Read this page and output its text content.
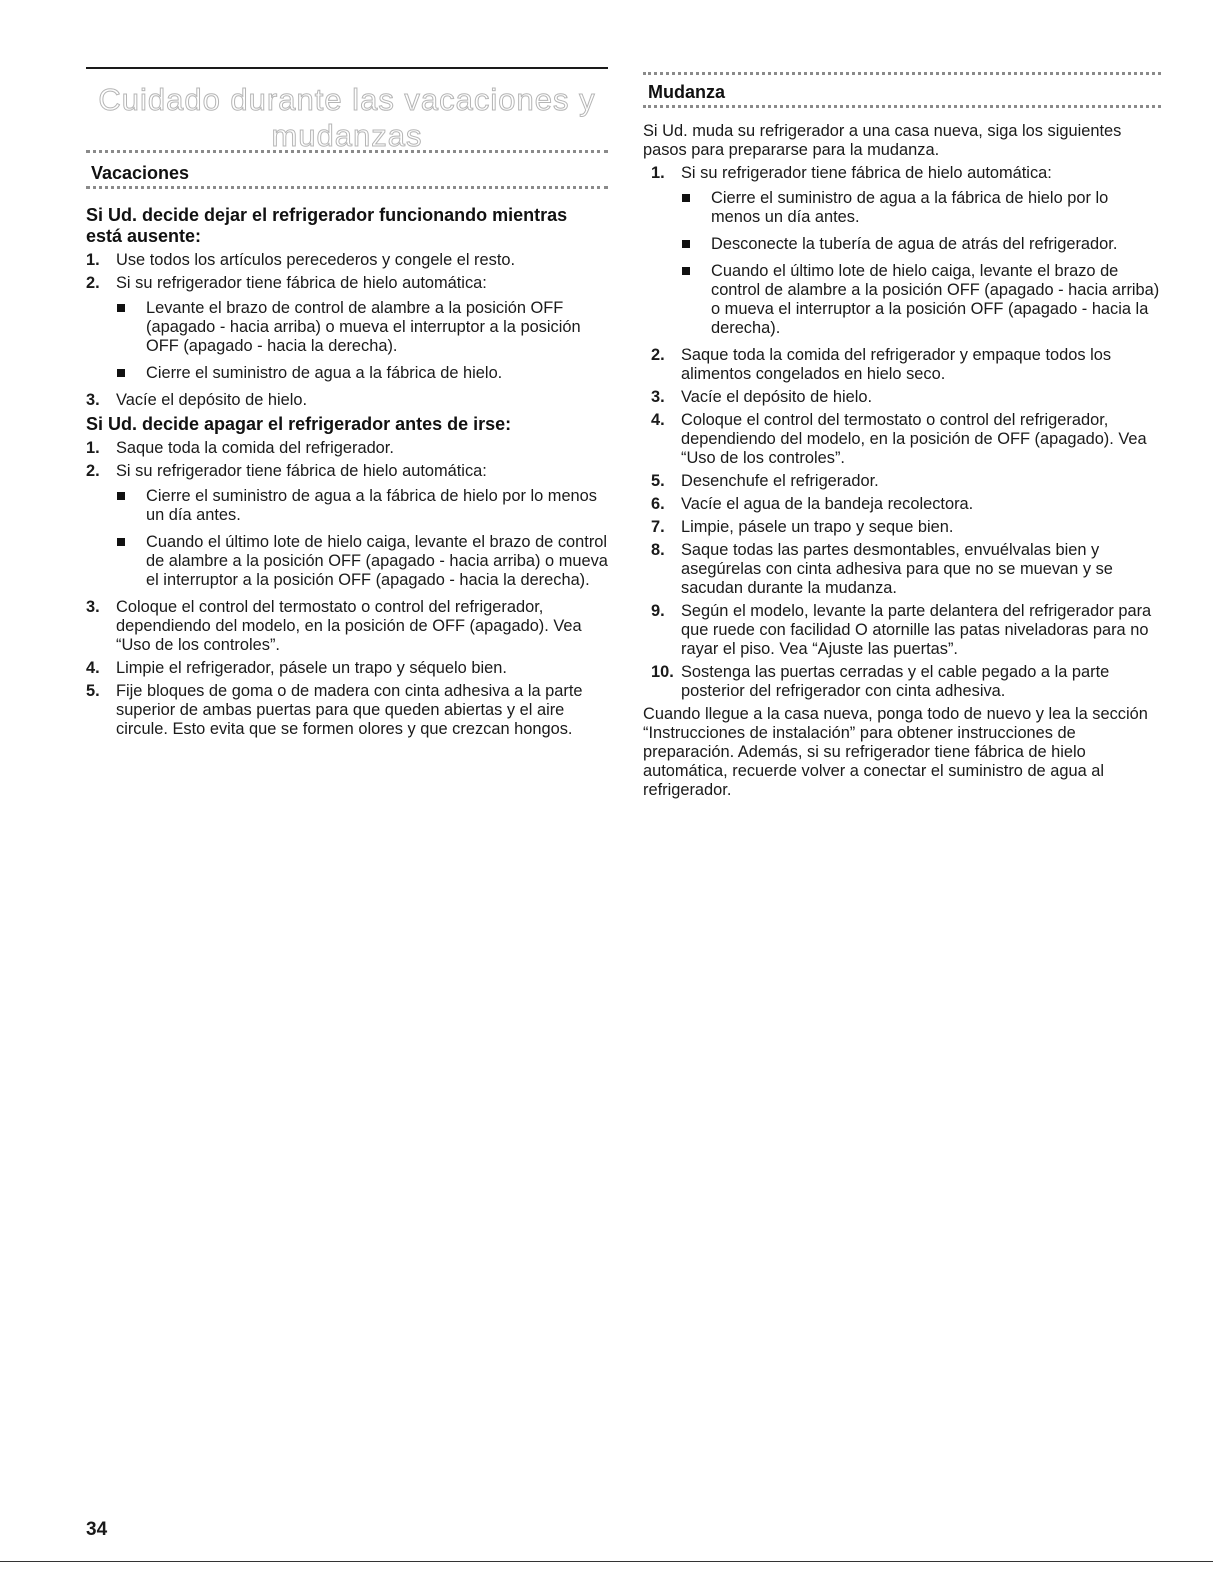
Cuidado durante las vacaciones y mudanzas
Vacaciones

Si Ud. decide dejar el refrigerador funcionando mientras está ausente:

1. Use todos los artículos perecederos y congele el resto.
2. Si su refrigerador tiene fábrica de hielo automática:
Levante el brazo de control de alambre a la posición OFF (apagado - hacia arriba) o mueva el interruptor a la posición OFF (apagado - hacia la derecha).
Cierre el suministro de agua a la fábrica de hielo.
3. Vacíe el depósito de hielo.

Si Ud. decide apagar el refrigerador antes de irse:

1. Saque toda la comida del refrigerador.
2. Si su refrigerador tiene fábrica de hielo automática:
Cierre el suministro de agua a la fábrica de hielo por lo menos un día antes.
Cuando el último lote de hielo caiga, levante el brazo de control de alambre a la posición OFF (apagado - hacia arriba) o mueva el interruptor a la posición OFF (apagado - hacia la derecha).
3. Coloque el control del termostato o control del refrigerador, dependiendo del modelo, en la posición de OFF (apagado). Vea “Uso de los controles”.
4. Limpie el refrigerador, pásele un trapo y séquelo bien.
5. Fije bloques de goma o de madera con cinta adhesiva a la parte superior de ambas puertas para que queden abiertas y el aire circule. Esto evita que se formen olores y que crezcan hongos.
Mudanza

Si Ud. muda su refrigerador a una casa nueva, siga los siguientes pasos para prepararse para la mudanza.

1. Si su refrigerador tiene fábrica de hielo automática:
Cierre el suministro de agua a la fábrica de hielo por lo menos un día antes.
Desconecte la tubería de agua de atrás del refrigerador.
Cuando el último lote de hielo caiga, levante el brazo de control de alambre a la posición OFF (apagado - hacia arriba) o mueva el interruptor a la posición OFF (apagado - hacia la derecha).
2. Saque toda la comida del refrigerador y empaque todos los alimentos congelados en hielo seco.
3. Vacíe el depósito de hielo.
4. Coloque el control del termostato o control del refrigerador, dependiendo del modelo, en la posición de OFF (apagado). Vea “Uso de los controles”.
5. Desenchufe el refrigerador.
6. Vacíe el agua de la bandeja recolectora.
7. Limpie, pásele un trapo y seque bien.
8. Saque todas las partes desmontables, envuélvalas bien y asegúrelas con cinta adhesiva para que no se muevan y se sacudan durante la mudanza.
9. Según el modelo, levante la parte delantera del refrigerador para que ruede con facilidad O atornille las patas niveladoras para no rayar el piso. Vea “Ajuste las puertas”.
10. Sostenga las puertas cerradas y el cable pegado a la parte posterior del refrigerador con cinta adhesiva.

Cuando llegue a la casa nueva, ponga todo de nuevo y lea la sección “Instrucciones de instalación” para obtener instrucciones de preparación. Además, si su refrigerador tiene fábrica de hielo automática, recuerde volver a conectar el suministro de agua al refrigerador.

34
